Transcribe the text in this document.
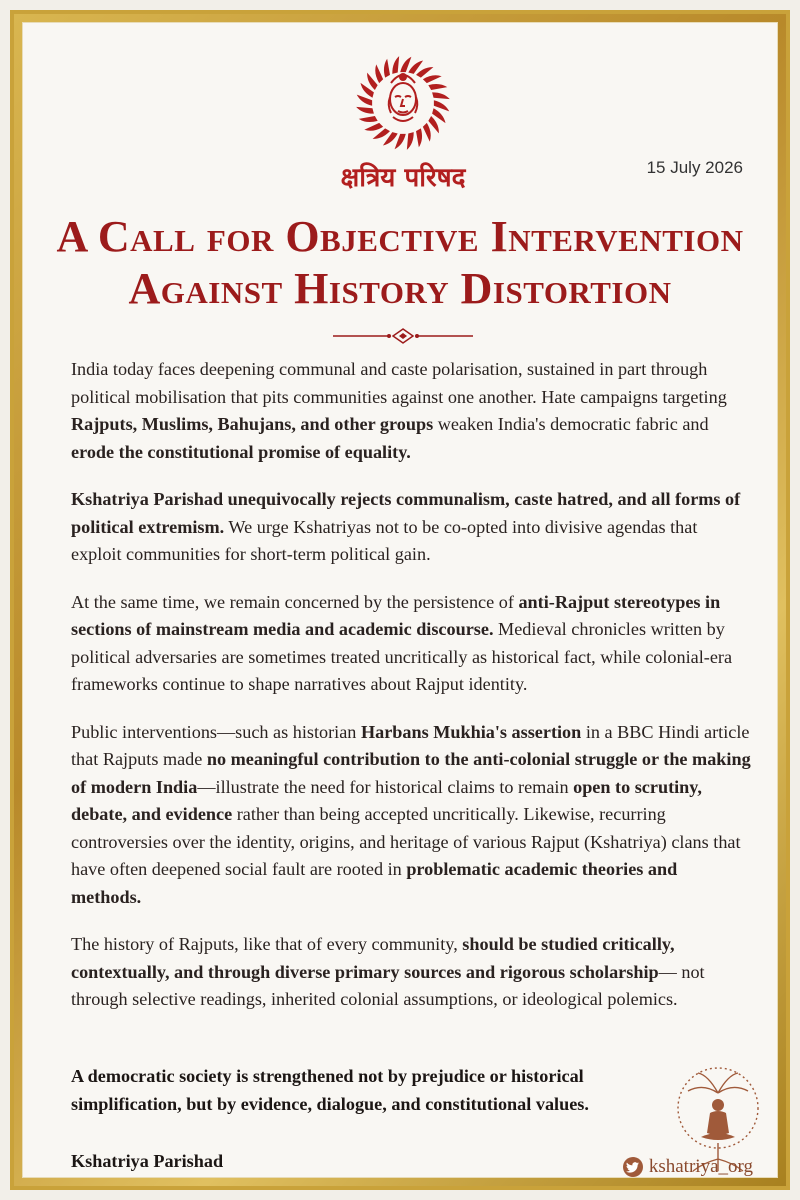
क्षत्रिय परिषद	15 July 2026
A Call for Objective Intervention
Against History Distortion

India today faces deepening communal and caste polarisation, sustained in part through political mobilisation that pits communities against one another. Hate campaigns targeting Rajputs, Muslims, Bahujans, and other groups weaken India's democratic fabric and erode the constitutional promise of equality.

Kshatriya Parishad unequivocally rejects communalism, caste hatred, and all forms of political extremism. We urge Kshatriyas not to be co-opted into divisive agendas that exploit communities for short-term political gain.

At the same time, we remain concerned by the persistence of anti-Rajput stereotypes in sections of mainstream media and academic discourse. Medieval chronicles written by political adversaries are sometimes treated uncritically as historical fact, while colonial-era frameworks continue to shape narratives about Rajput identity.

Public interventions—such as historian Harbans Mukhia's assertion in a BBC Hindi article that Rajputs made no meaningful contribution to the anti-colonial struggle or the making of modern India—illustrate the need for historical claims to remain open to scrutiny, debate, and evidence rather than being accepted uncritically. Likewise, recurring controversies over the identity, origins, and heritage of various Rajput (Kshatriya) clans that have often deepened social fault are rooted in problematic academic theories and methods.

The history of Rajputs, like that of every community, should be studied critically, contextually, and through diverse primary sources and rigorous scholarship— not through selective readings, inherited colonial assumptions, or ideological polemics.

A democratic society is strengthened not by prejudice or historical simplification, but by evidence, dialogue, and constitutional values.
Kshatriya Parishad	kshatriya_org
